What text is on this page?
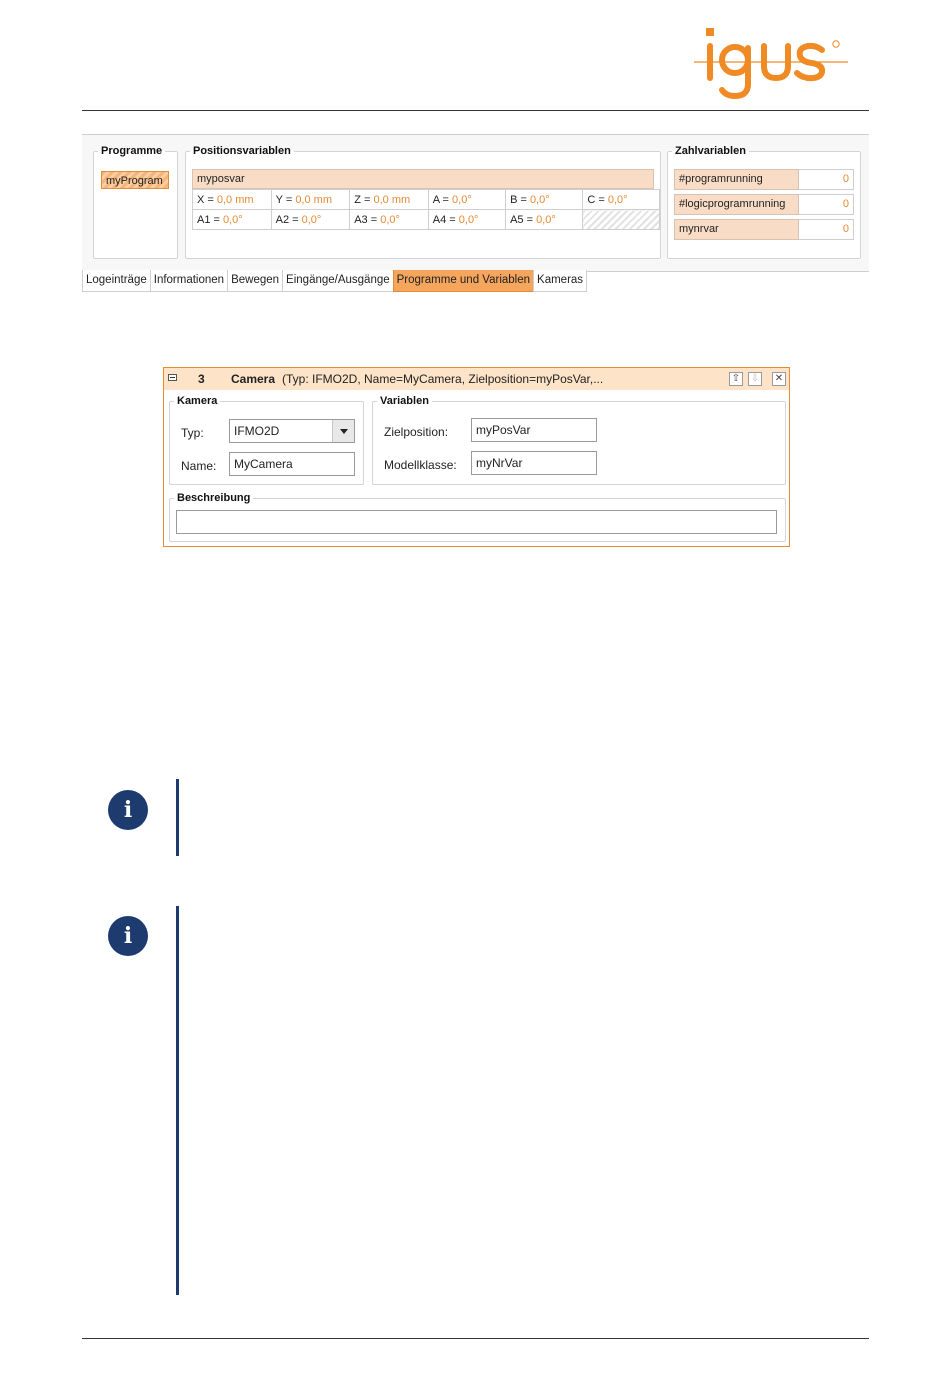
Programme
myProgram
Positionsvariablen
myposvar
X = 0,0 mm	Y = 0,0 mm	Z = 0,0 mm	A = 0,0°	B = 0,0°	C = 0,0°
A1 = 0,0°	A2 = 0,0°	A3 = 0,0°	A4 = 0,0°	A5 = 0,0°	
Zahlvariablen
#programrunning	0
#logicprogramrunning	0
mynrvar	0
Logeinträge Informationen Bewegen Eingänge/Ausgänge Programme und Variablen Kameras
3 Camera (Typ: IFMO2D, Name=MyCamera, Zielposition=myPosVar,...	⇧ ⇩ ✕
Kamera
Typ:	IFMO2D
Name:	MyCamera
Variablen
Zielposition:	myPosVar
Modellklasse:	myNrVar
Beschreibung
i
i
